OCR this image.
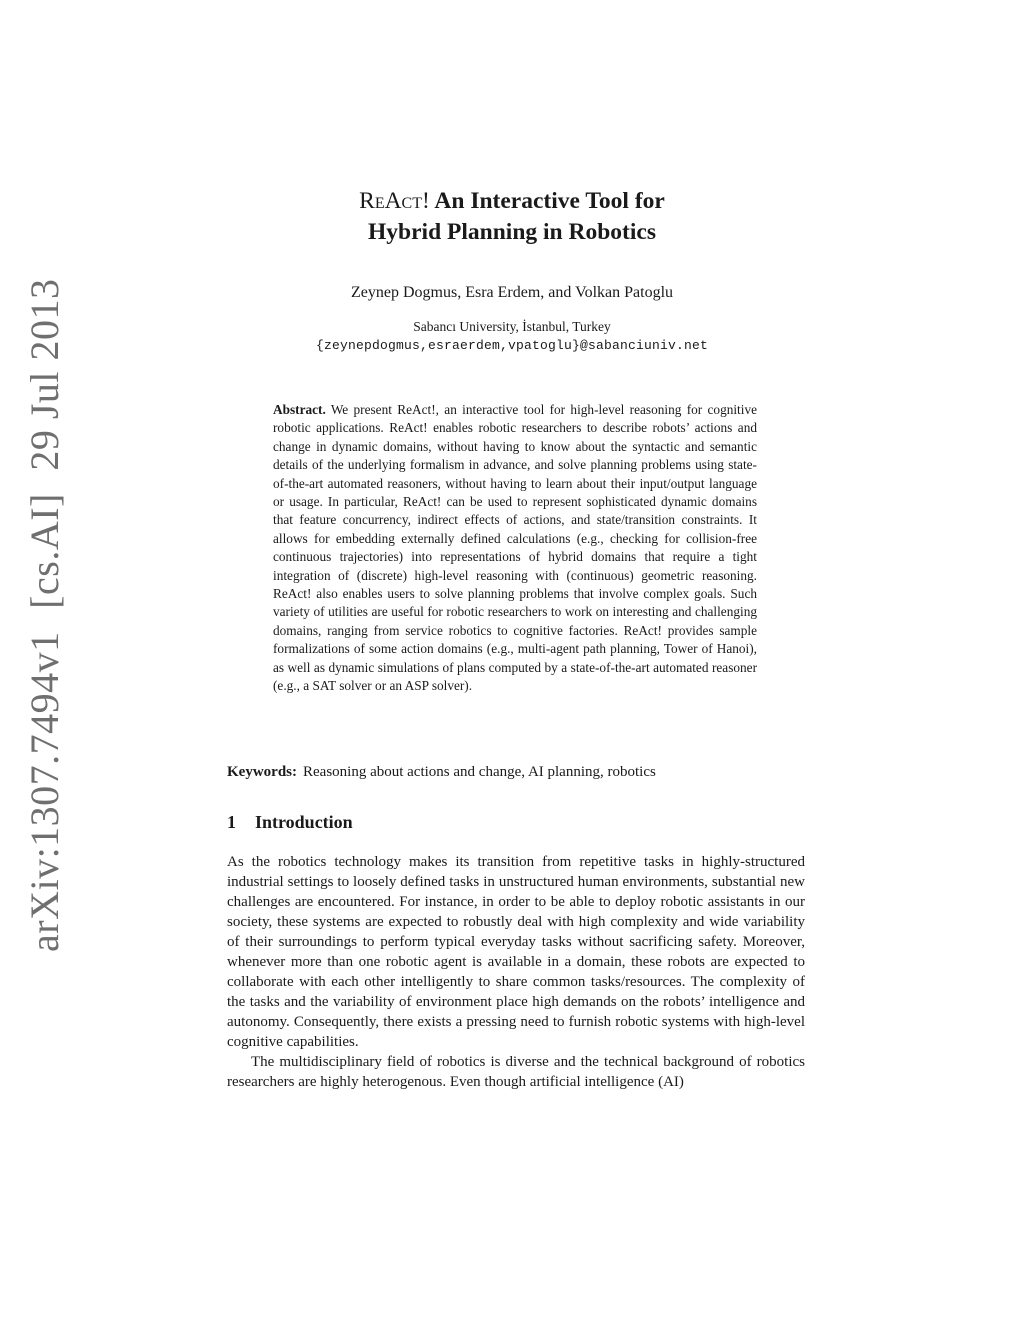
arXiv:1307.7494v1 [cs.AI] 29 Jul 2013
ReAct! An Interactive Tool for
Hybrid Planning in Robotics
Zeynep Dogmus, Esra Erdem, and Volkan Patoglu
Sabancı University, İstanbul, Turkey
{zeynepdogmus,esraerdem,vpatoglu}@sabanciuniv.net
Abstract. We present ReAct!, an interactive tool for high-level reasoning for cognitive robotic applications. ReAct! enables robotic researchers to describe robots’ actions and change in dynamic domains, without having to know about the syntactic and semantic details of the underlying formalism in advance, and solve planning problems using state-of-the-art automated reasoners, without having to learn about their input/output language or usage. In particular, ReAct! can be used to represent sophisticated dynamic domains that feature concurrency, indirect effects of actions, and state/transition constraints. It allows for embedding externally defined calculations (e.g., checking for collision-free continuous trajectories) into representations of hybrid domains that require a tight integration of (discrete) high-level reasoning with (continuous) geometric reasoning. ReAct! also enables users to solve planning problems that involve complex goals. Such variety of utilities are useful for robotic researchers to work on interesting and challenging domains, ranging from service robotics to cognitive factories. ReAct! provides sample formalizations of some action domains (e.g., multi-agent path planning, Tower of Hanoi), as well as dynamic simulations of plans computed by a state-of-the-art automated reasoner (e.g., a SAT solver or an ASP solver).
Keywords: Reasoning about actions and change, AI planning, robotics
1 Introduction

As the robotics technology makes its transition from repetitive tasks in highly-structured industrial settings to loosely defined tasks in unstructured human environments, substantial new challenges are encountered. For instance, in order to be able to deploy robotic assistants in our society, these systems are expected to robustly deal with high complexity and wide variability of their surroundings to perform typical everyday tasks without sacrificing safety. Moreover, whenever more than one robotic agent is available in a domain, these robots are expected to collaborate with each other intelligently to share common tasks/resources. The complexity of the tasks and the variability of environment place high demands on the robots’ intelligence and autonomy. Consequently, there exists a pressing need to furnish robotic systems with high-level cognitive capabilities.

The multidisciplinary field of robotics is diverse and the technical background of robotics researchers are highly heterogenous. Even though artificial intelligence (AI)
